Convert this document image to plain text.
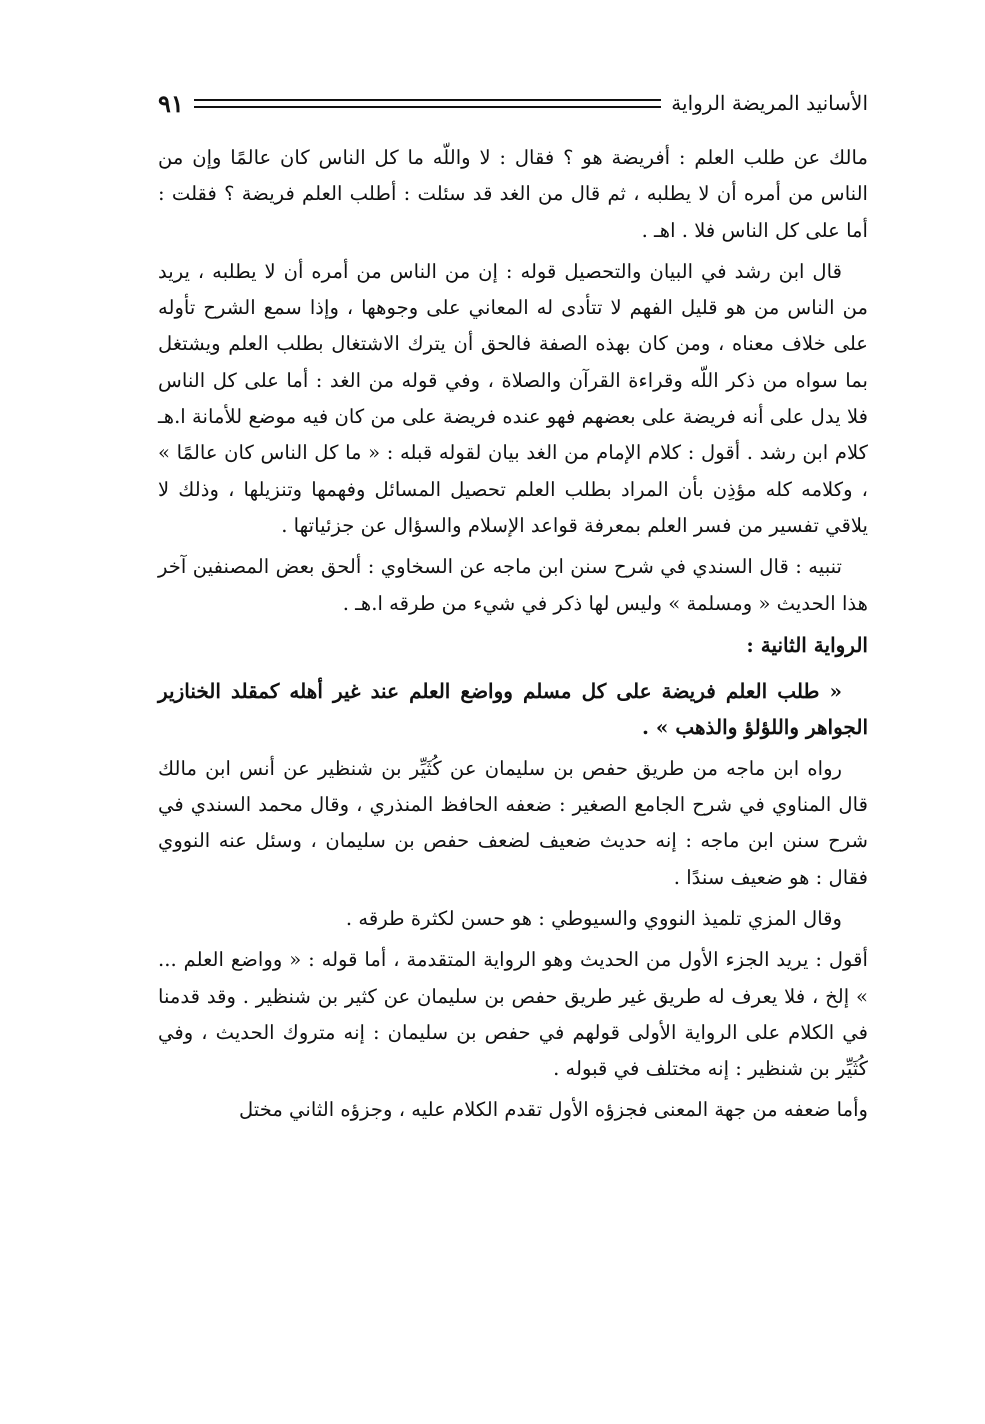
الأسانيد المريضة الرواية
٩١

مالك عن طلب العلم : أفريضة هو ؟ فقال : لا واللّه ما كل الناس كان عالمًا وإن من الناس من أمره أن لا يطلبه ، ثم قال من الغد قد سئلت : أطلب العلم فريضة ؟ فقلت : أما على كل الناس فلا . اهـ .

قال ابن رشد في البيان والتحصيل قوله : إن من الناس من أمره أن لا يطلبه ، يريد من الناس من هو قليل الفهم لا تتأدى له المعاني على وجوهها ، وإذا سمع الشرح تأوله على خلاف معناه ، ومن كان بهذه الصفة فالحق أن يترك الاشتغال بطلب العلم ويشتغل بما سواه من ذكر اللّه وقراءة القرآن والصلاة ، وفي قوله من الغد : أما على كل الناس فلا يدل على أنه فريضة على بعضهم فهو عنده فريضة على من كان فيه موضع للأمانة ا.هـ كلام ابن رشد . أقول : كلام الإمام من الغد بيان لقوله قبله : « ما كل الناس كان عالمًا » ، وكلامه كله مؤذِن بأن المراد بطلب العلم تحصيل المسائل وفهمها وتنزيلها ، وذلك لا يلاقي تفسير من فسر العلم بمعرفة قواعد الإسلام والسؤال عن جزئياتها .

تنبيه : قال السندي في شرح سنن ابن ماجه عن السخاوي : ألحق بعض المصنفين آخر هذا الحديث « ومسلمة » وليس لها ذكر في شيء من طرقه ا.هـ .

الرواية الثانية :

« طلب العلم فريضة على كل مسلم وواضع العلم عند غير أهله كمقلد الخنازير الجواهر واللؤلؤ والذهب » .

رواه ابن ماجه من طريق حفص بن سليمان عن كُثَيِّر بن شنظير عن أنس ابن مالك قال المناوي في شرح الجامع الصغير : ضعفه الحافظ المنذري ، وقال محمد السندي في شرح سنن ابن ماجه : إنه حديث ضعيف لضعف حفص بن سليمان ، وسئل عنه النووي فقال : هو ضعيف سندًا .

وقال المزي تلميذ النووي والسيوطي : هو حسن لكثرة طرقه .

أقول : يريد الجزء الأول من الحديث وهو الرواية المتقدمة ، أما قوله : « وواضع العلم ... » إلخ ، فلا يعرف له طريق غير طريق حفص بن سليمان عن كثير بن شنظير . وقد قدمنا في الكلام على الرواية الأولى قولهم في حفص بن سليمان : إنه متروك الحديث ، وفي كُثَيِّر بن شنظير : إنه مختلف في قبوله .

وأما ضعفه من جهة المعنى فجزؤه الأول تقدم الكلام عليه ، وجزؤه الثاني مختل
